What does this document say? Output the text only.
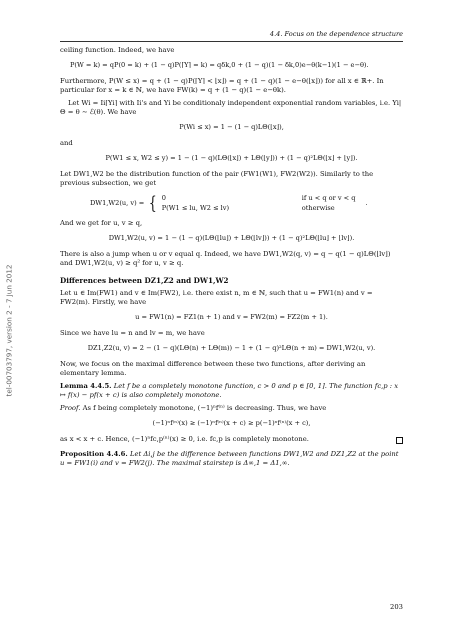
tel-00703797, version 2 - 7 Jun 2012
4.4. Focus on the dependence structure

ceiling function. Indeed, we have

P(W = k) = qP(0 = k) + (1 − q)P(⌈Y⌉ = k) = qδk,0 + (1 − q)(1 − δk,0)e−θ(k−1)(1 − e−θ).

Furthermore, P(W ≤ x) = q + (1 − q)P(⌈Y⌉ < ⌊x⌋) = q + (1 − q)(1 − e−θ(⌊x⌋)) for all x ∈ ℝ+. In particular for x = k ∈ ℕ, we have FW(k) = q + (1 − q)(1 − e−θk).

Let Wi = Ii⌈Yi⌉ with Ii's and Yi be conditionaly independent exponential random variables, i.e. Yi|Θ = θ ∼ ℰ(θ). We have

P(Wi ≤ x) = 1 − (1 − q)LΘ(⌊x⌋),

and

P(W1 ≤ x, W2 ≤ y) = 1 − (1 − q)(LΘ(⌊x⌋) + LΘ(⌊y⌋)) + (1 − q)²LΘ(⌊x⌋ + ⌊y⌋).

Let DW1,W2 be the distribution function of the pair (FW1(W1), FW2(W2)). Similarly to the previous subsection, we get

DW1,W2(u, v) = { 0	if u < q or v < q
P(W1 ≤ lu, W2 ≤ lv)	otherwise
.

And we get for u, v ≥ q,

DW1,W2(u, v) = 1 − (1 − q)(LΘ(⌊lu⌋) + LΘ(⌊lv⌋)) + (1 − q)²LΘ(⌊lu⌋ + ⌊lv⌋).

There is also a jump when u or v equal q. Indeed, we have DW1,W2(q, v) = q − q(1 − q)LΘ(⌊lv⌋) and DW1,W2(u, v) ≥ q² for u, v ≥ q.

Differences between DZ1,Z2 and DW1,W2

Let u ∈ Im(FW1) and v ∈ Im(FW2), i.e. there exist n, m ∈ ℕ, such that u = FW1(n) and v = FW2(m). Firstly, we have

u = FW1(n) = FZ1(n + 1) and v = FW2(m) = FZ2(m + 1).

Since we have lu = n and lv = m, we have

DZ1,Z2(u, v) = 2 − (1 − q)(LΘ(n) + LΘ(m)) − 1 + (1 − q)²LΘ(n + m) = DW1,W2(u, v).

Now, we focus on the maximal difference between these two functions, after deriving an elementary lemma.

Lemma 4.4.5. Let f be a completely monotone function, c > 0 and p ∈ [0, 1]. The function fc,p : x ↦ f(x) − pf(x + c) is also completely monotone.

Proof. As f being completely monotone, (−1)ⁿf⁽ⁿ⁾ is decreasing. Thus, we have

(−1)ⁿf⁽ⁿ⁾(x) ≥ (−1)ⁿf⁽ⁿ⁾(x + c) ≥ p(−1)ⁿf⁽ⁿ⁾(x + c),
as x < x + c. Hence, (−1)ⁿfc,p⁽ⁿ⁾(x) ≥ 0, i.e. fc,p is completely monotone.

Proposition 4.4.6. Let Δi,j be the difference between functions DW1,W2 and DZ1,Z2 at the point u = FW1(i) and v = FW2(j). The maximal stairstep is Δ∞,1 = Δ1,∞.

203
